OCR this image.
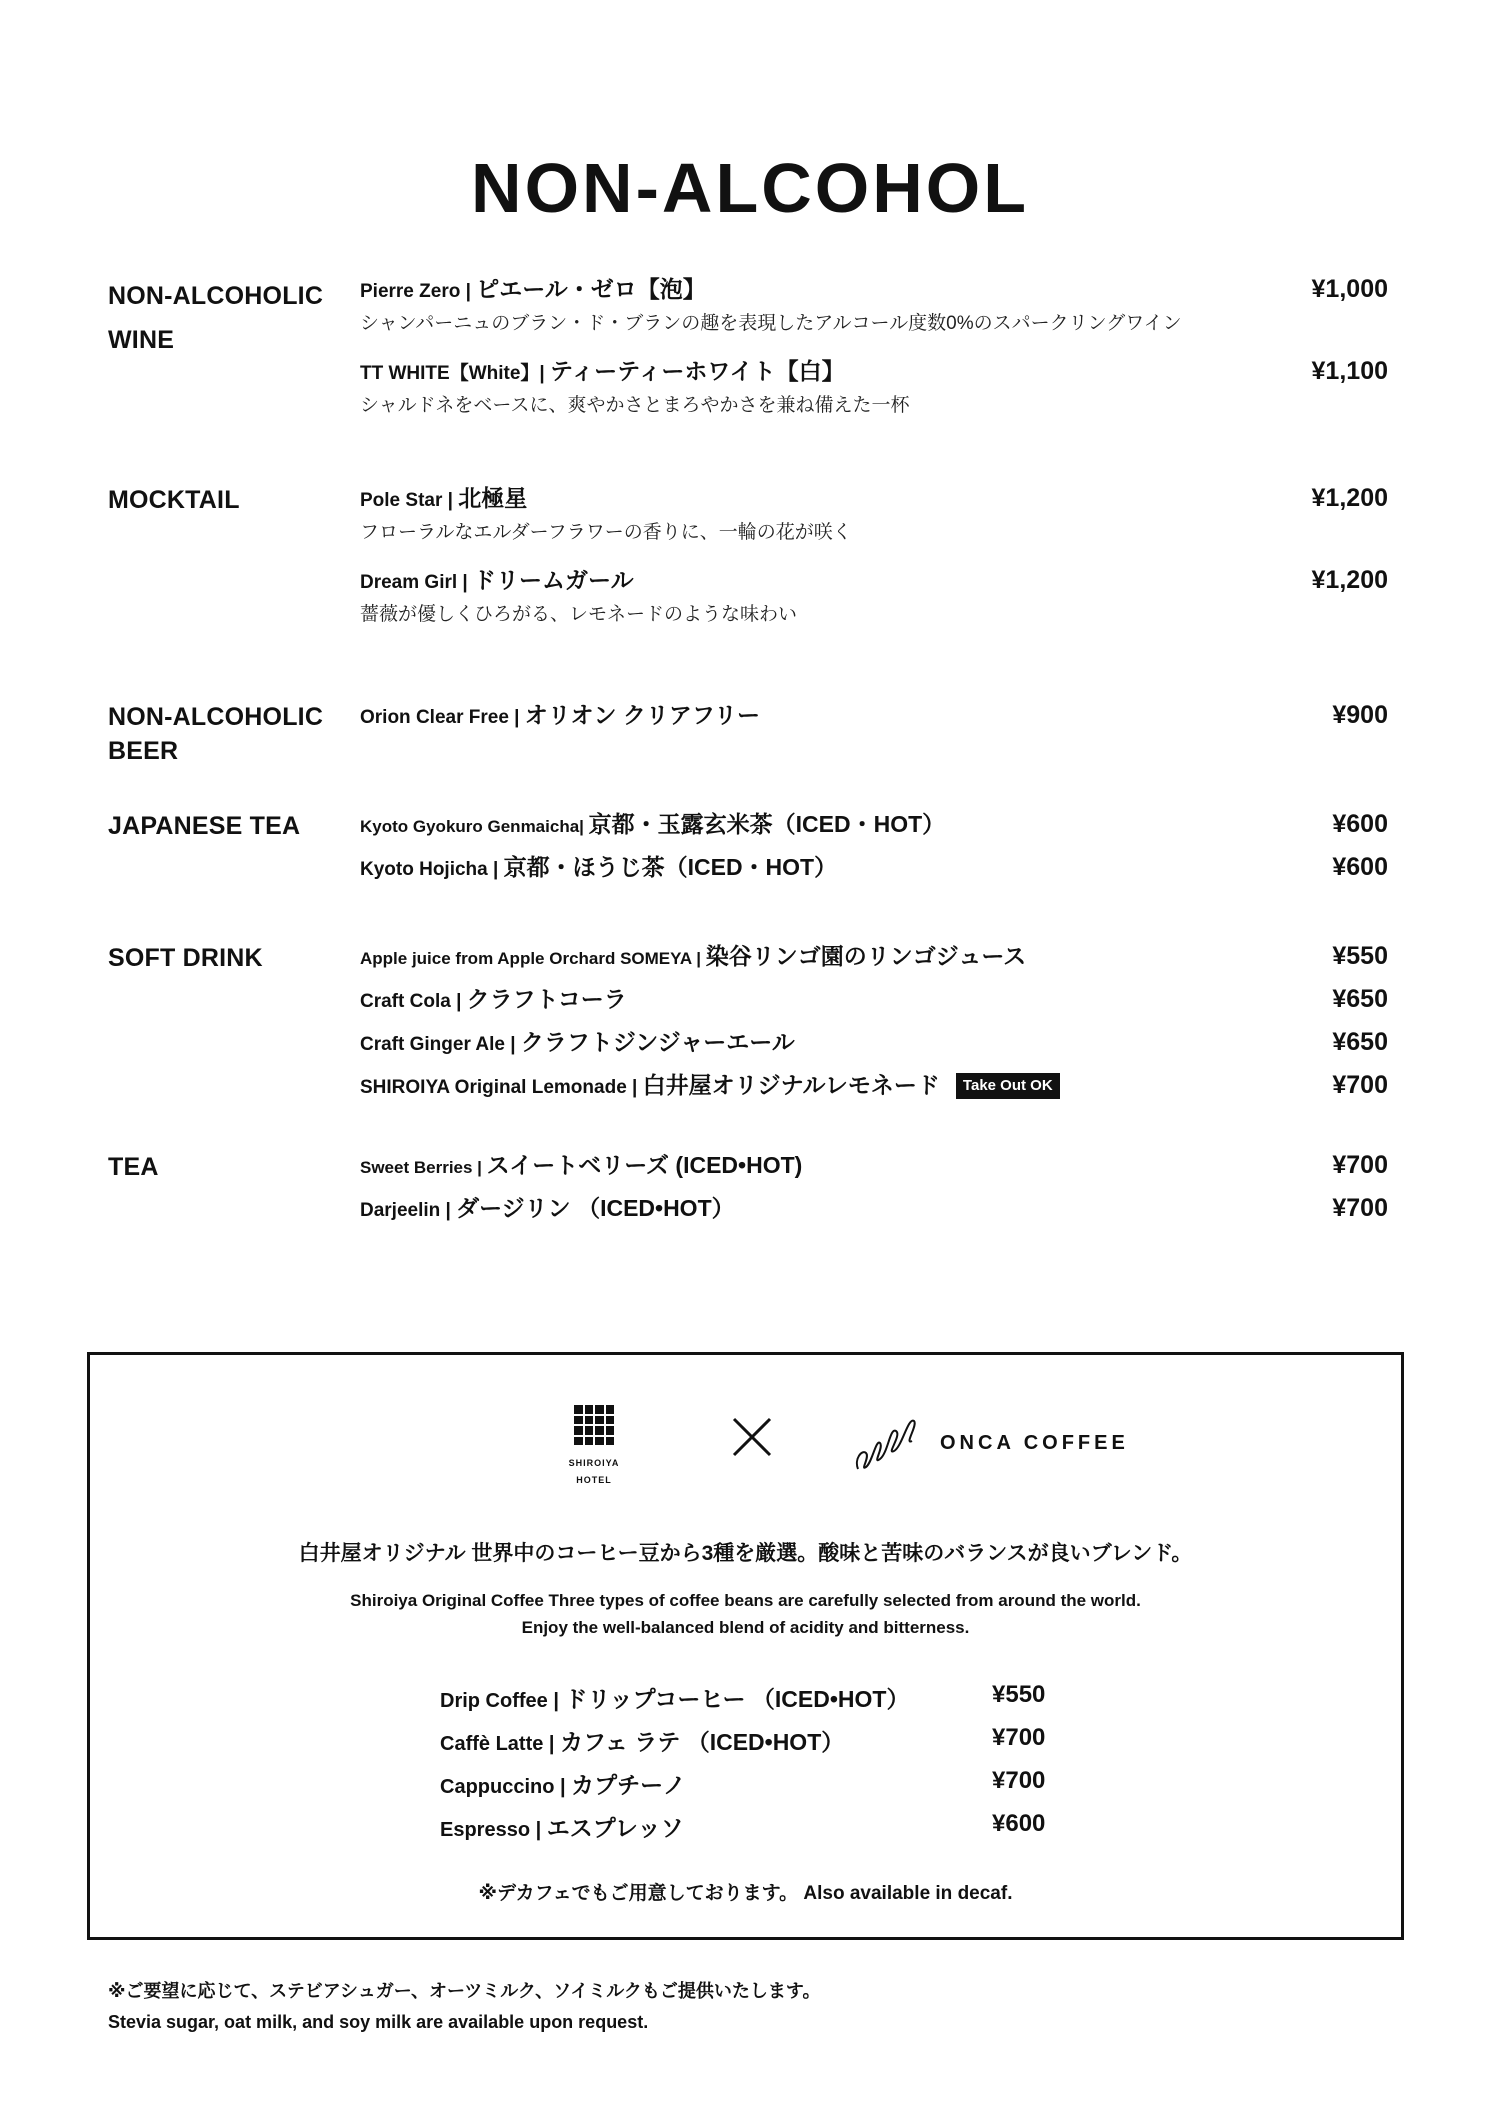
NON-ALCOHOL
NON-ALCOHOLIC
WINE
Pierre Zero | ピエール・ゼロ【泡】	¥1,000
シャンパーニュのブラン・ド・ブランの趣を表現したアルコール度数0%のスパークリングワイン
TT WHITE【White】| ティーティーホワイト【白】	¥1,100
シャルドネをベースに、爽やかさとまろやかさを兼ね備えた一杯
MOCKTAIL	Pole Star | 北極星	¥1,200
フローラルなエルダーフラワーの香りに、一輪の花が咲く
Dream Girl | ドリームガール	¥1,200
薔薇が優しくひろがる、レモネードのような味わい
NON-ALCOHOLIC
BEER
Orion Clear Free | オリオン クリアフリー	¥900
JAPANESE TEA	Kyoto Gyokuro Genmaicha| 京都・玉露玄米茶（ICED・HOT）	¥600
Kyoto Hojicha | 京都・ほうじ茶（ICED・HOT）	¥600
SOFT DRINK	Apple juice from Apple Orchard SOMEYA | 染谷リンゴ園のリンゴジュース	¥550
Craft Cola | クラフトコーラ	¥650
Craft Ginger Ale | クラフトジンジャーエール	¥650
SHIROIYA Original Lemonade | 白井屋オリジナルレモネード Take Out OK	¥700
TEA	Sweet Berries | スイートベリーズ (ICED•HOT)	¥700
Darjeelin | ダージリン （ICED•HOT）	¥700
SHIROIYA
HOTEL
ONCA COFFEE
白井屋オリジナル 世界中のコーヒー豆から3種を厳選。酸味と苦味のバランスが良いブレンド。
Shiroiya Original Coffee Three types of coffee beans are carefully selected from around the world.
Enjoy the well-balanced blend of acidity and bitterness.
Drip Coffee | ドリップコーヒー （ICED•HOT）	¥550
Caffè Latte | カフェ ラテ （ICED•HOT）	¥700
Cappuccino | カプチーノ	¥700
Espresso | エスプレッソ	¥600
※デカフェでもご用意しております。 Also available in decaf.
※ご要望に応じて、ステビアシュガー、オーツミルク、ソイミルクもご提供いたします。
Stevia sugar, oat milk, and soy milk are available upon request.
